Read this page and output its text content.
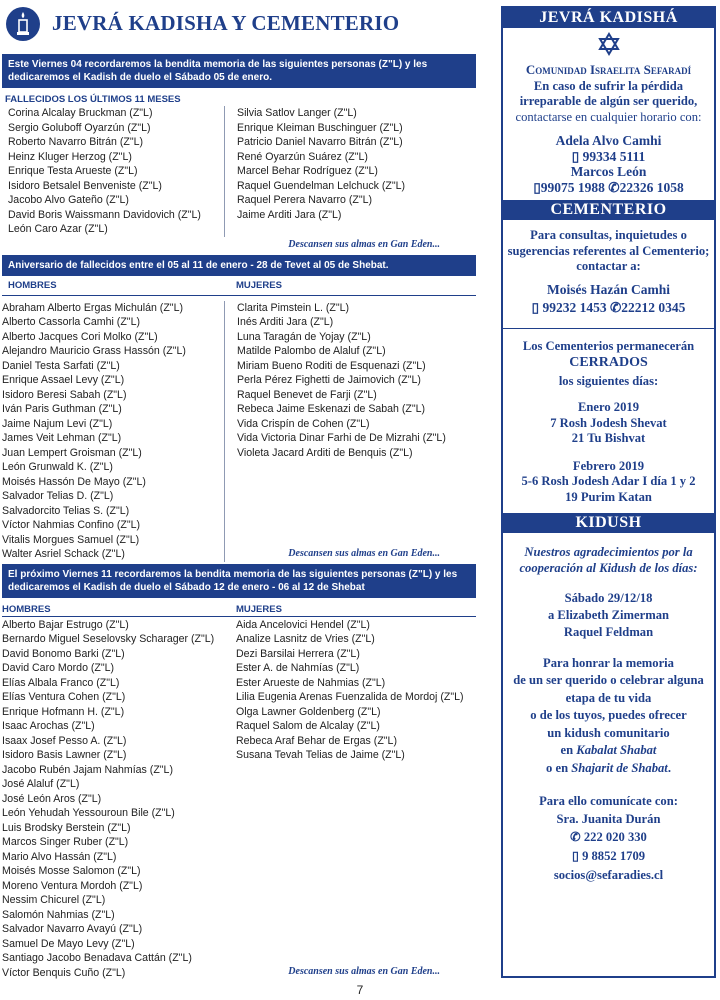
JEVRÁ KADISHA Y CEMENTERIO
Este Viernes 04 recordaremos la bendita memoria de las siguientes personas (Z"L) y les dedicaremos el Kadish de duelo el Sábado 05 de enero.
FALLECIDOS LOS ÚLTIMOS 11 MESES
Corina Alcalay Bruckman (Z"L)
Sergio Goluboff Oyarzún (Z"L)
Roberto Navarro Bitrán (Z"L)
Heinz Kluger Herzog (Z"L)
Enrique Testa Arueste (Z"L)
Isidoro Betsalel Benveniste (Z"L)
Jacobo Alvo Gateño (Z"L)
David Boris Waissmann Davidovich (Z"L)
León Caro Azar (Z"L)
Silvia Satlov Langer (Z"L)
Enrique Kleiman Buschinguer (Z"L)
Patricio Daniel Navarro Bitrán (Z"L)
René Oyarzún Suárez (Z"L)
Marcel Behar Rodríguez (Z"L)
Raquel Guendelman Lelchuck (Z"L)
Raquel Perera Navarro (Z"L)
Jaime Arditi Jara (Z"L)
Descansen sus almas en Gan Eden...
Aniversario de fallecidos entre el 05 al 11 de enero - 28 de Tevet al 05 de Shebat.
HOMBRES	MUJERES
Abraham Alberto Ergas Michulán (Z"L)
Alberto Cassorla Camhi (Z"L)
Alberto Jacques Cori Molko (Z"L)
Alejandro Mauricio Grass Hassón (Z"L)
Daniel Testa Sarfati (Z"L)
Enrique Assael Levy (Z"L)
Isidoro Beresi Sabah (Z"L)
Iván Paris Guthman (Z"L)
Jaime Najum Levi (Z"L)
James Veit Lehman (Z"L)
Juan Lempert Groisman (Z"L)
León Grunwald K. (Z"L)
Moisés Hassón De Mayo (Z"L)
Salvador Telias D. (Z"L)
Salvadorcito Telias S. (Z"L)
Víctor Nahmias Confino (Z"L)
Vitalis Morgues Samuel (Z"L)
Walter Asriel Schack (Z"L)
Clarita Pimstein L. (Z"L)
Inés Arditi Jara (Z"L)
Luna Taragán de Yojay (Z"L)
Matilde Palombo de Alaluf (Z"L)
Miriam Bueno Roditi de Esquenazi (Z"L)
Perla Pérez Fighetti de Jaimovich (Z"L)
Raquel Benevet de Farji (Z"L)
Rebeca Jaime Eskenazi de Sabah (Z"L)
Vida Crispín de Cohen (Z"L)
Vida Victoria Dinar Farhi de De Mizrahi (Z"L)
Violeta Jacard Arditi de Benquis (Z"L)
Descansen sus almas en Gan Eden...
El próximo Viernes 11 recordaremos la bendita memoria de las siguientes personas (Z"L) y les dedicaremos el Kadish de duelo el Sábado 12 de enero - 06 al 12 de Shebat
HOMBRES	MUJERES
Alberto Bajar Estrugo (Z"L)
Bernardo Miguel Seselovsky Scharager (Z"L)
David Bonomo Barki (Z"L)
David Caro Mordo (Z"L)
Elías Albala Franco (Z"L)
Elías Ventura Cohen (Z"L)
Enrique Hofmann H. (Z"L)
Isaac Arochas (Z"L)
Isaax Josef Pesso A. (Z"L)
Isidoro Basis Lawner (Z"L)
Jacobo Rubén Jajam Nahmías (Z"L)
José Alaluf (Z"L)
José León Aros (Z"L)
León Yehudah Yessouroun Bile (Z"L)
Luis Brodsky Berstein (Z"L)
Marcos Singer Ruber (Z"L)
Mario Alvo Hassán (Z"L)
Moisés Mosse Salomon (Z"L)
Moreno Ventura Mordoh (Z"L)
Nessim Chicurel (Z"L)
Salomón Nahmias (Z"L)
Salvador Navarro Avayú (Z"L)
Samuel De Mayo Levy (Z"L)
Santiago Jacobo Benadava Cattán (Z"L)
Víctor Benquis Cuño (Z"L)
Aida Ancelovici Hendel (Z"L)
Analize Lasnitz de Vries (Z"L)
Dezi Barsilai Herrera (Z"L)
Ester A. de Nahmías (Z"L)
Ester Arueste de Nahmias (Z"L)
Lilia Eugenia Arenas Fuenzalida de Mordoj (Z"L)
Olga Lawner Goldenberg (Z"L)
Raquel Salom de Alcalay (Z"L)
Rebeca Araf Behar de Ergas (Z"L)
Susana Tevah Telias de Jaime (Z"L)
Descansen sus almas en Gan Eden...
JEVRÁ KADISHÁ
Comunidad Israelita Sefaradí
En caso de sufrir la pérdida irreparable de algún ser querido, contactarse en cualquier horario con:
Adela Alvo Camhi
▯ 99334 5111
Marcos León
▯99075 1988 ✆22326 1058
CEMENTERIO
Para consultas, inquietudes o sugerencias referentes al Cementerio; contactar a:
Moisés Hazán Camhi
▯ 99232 1453 ✆22212 0345
Los Cementerios permanecerán
CERRADOS
los siguientes días:
Enero 2019
7 Rosh Jodesh Shevat
21 Tu Bishvat
Febrero 2019
5-6 Rosh Jodesh Adar I día 1 y 2
19 Purim Katan
KIDUSH
Nuestros agradecimientos por la cooperación al Kidush de los días:
Sábado 29/12/18
a Elizabeth Zimerman
Raquel Feldman
Para honrar la memoria
de un ser querido o celebrar alguna
etapa de tu vida
o de los tuyos, puedes ofrecer
un kidush comunitario
en Kabalat Shabat
o en Shajarit de Shabat.
Para ello comunícate con:
Sra. Juanita Durán
✆ 222 020 330
▯ 9 8852 1709
socios@sefaradies.cl
7
